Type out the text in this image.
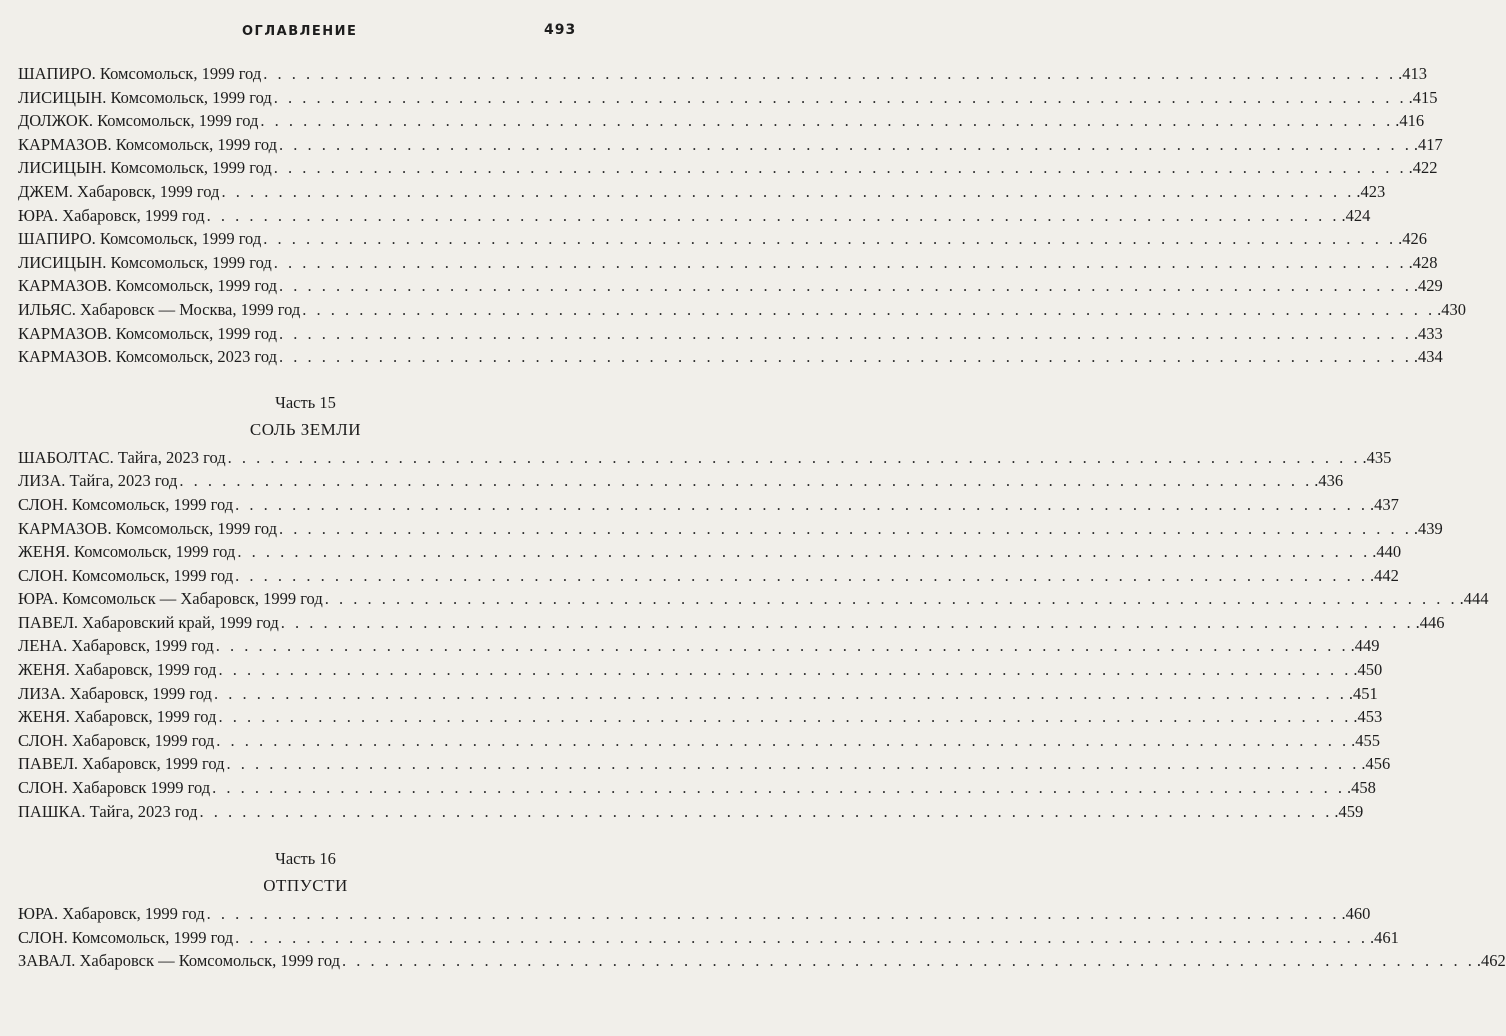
ОГЛАВЛЕНИЕ	493
ШАПИРО. Комсомольск, 1999 год . . . . . . . . . . . . . . . . . . . . . . . . . . . . . . . . . . . . . . . . . . . . . . . . . . . . . . . . . . . . . . . . . . . . . . . . . . . . . . . . .413
ЛИСИЦЫН. Комсомольск, 1999 год . . . . . . . . . . . . . . . . . . . . . . . . . . . . . . . . . . . . . . . . . . . . . . . . . . . . . . . . . . . . . . . . . . . . . . . . . . . . . . . . .415
ДОЛЖОК. Комсомольск, 1999 год . . . . . . . . . . . . . . . . . . . . . . . . . . . . . . . . . . . . . . . . . . . . . . . . . . . . . . . . . . . . . . . . . . . . . . . . . . . . . . . . .416
КАРМАЗОВ. Комсомольск, 1999 год . . . . . . . . . . . . . . . . . . . . . . . . . . . . . . . . . . . . . . . . . . . . . . . . . . . . . . . . . . . . . . . . . . . . . . . . . . . . . . . . .417
ЛИСИЦЫН. Комсомольск, 1999 год . . . . . . . . . . . . . . . . . . . . . . . . . . . . . . . . . . . . . . . . . . . . . . . . . . . . . . . . . . . . . . . . . . . . . . . . . . . . . . . . .422
ДЖЕМ. Хабаровск, 1999 год . . . . . . . . . . . . . . . . . . . . . . . . . . . . . . . . . . . . . . . . . . . . . . . . . . . . . . . . . . . . . . . . . . . . . . . . . . . . . . . . .423
ЮРА. Хабаровск, 1999 год . . . . . . . . . . . . . . . . . . . . . . . . . . . . . . . . . . . . . . . . . . . . . . . . . . . . . . . . . . . . . . . . . . . . . . . . . . . . . . . . .424
ШАПИРО. Комсомольск, 1999 год . . . . . . . . . . . . . . . . . . . . . . . . . . . . . . . . . . . . . . . . . . . . . . . . . . . . . . . . . . . . . . . . . . . . . . . . . . . . . . . . .426
ЛИСИЦЫН. Комсомольск, 1999 год . . . . . . . . . . . . . . . . . . . . . . . . . . . . . . . . . . . . . . . . . . . . . . . . . . . . . . . . . . . . . . . . . . . . . . . . . . . . . . . . .428
КАРМАЗОВ. Комсомольск, 1999 год . . . . . . . . . . . . . . . . . . . . . . . . . . . . . . . . . . . . . . . . . . . . . . . . . . . . . . . . . . . . . . . . . . . . . . . . . . . . . . . . .429
ИЛЬЯС. Хабаровск — Москва, 1999 год . . . . . . . . . . . . . . . . . . . . . . . . . . . . . . . . . . . . . . . . . . . . . . . . . . . . . . . . . . . . . . . . . . . . . . . . . . . . . . . . .430
КАРМАЗОВ. Комсомольск, 1999 год . . . . . . . . . . . . . . . . . . . . . . . . . . . . . . . . . . . . . . . . . . . . . . . . . . . . . . . . . . . . . . . . . . . . . . . . . . . . . . . . .433
КАРМАЗОВ. Комсомольск, 2023 год . . . . . . . . . . . . . . . . . . . . . . . . . . . . . . . . . . . . . . . . . . . . . . . . . . . . . . . . . . . . . . . . . . . . . . . . . . . . . . . . .434
Часть 15
СОЛЬ ЗЕМЛИ
ШАБОЛТАС. Тайга, 2023 год . . . . . . . . . . . . . . . . . . . . . . . . . . . . . . . . . . . . . . . . . . . . . . . . . . . . . . . . . . . . . . . . . . . . . . . . . . . . . . . . .435
ЛИЗА. Тайга, 2023 год . . . . . . . . . . . . . . . . . . . . . . . . . . . . . . . . . . . . . . . . . . . . . . . . . . . . . . . . . . . . . . . . . . . . . . . . . . . . . . . . .436
СЛОН. Комсомольск, 1999 год . . . . . . . . . . . . . . . . . . . . . . . . . . . . . . . . . . . . . . . . . . . . . . . . . . . . . . . . . . . . . . . . . . . . . . . . . . . . . . . . .437
КАРМАЗОВ. Комсомольск, 1999 год . . . . . . . . . . . . . . . . . . . . . . . . . . . . . . . . . . . . . . . . . . . . . . . . . . . . . . . . . . . . . . . . . . . . . . . . . . . . . . . . .439
ЖЕНЯ. Комсомольск, 1999 год . . . . . . . . . . . . . . . . . . . . . . . . . . . . . . . . . . . . . . . . . . . . . . . . . . . . . . . . . . . . . . . . . . . . . . . . . . . . . . . . .440
СЛОН. Комсомольск, 1999 год . . . . . . . . . . . . . . . . . . . . . . . . . . . . . . . . . . . . . . . . . . . . . . . . . . . . . . . . . . . . . . . . . . . . . . . . . . . . . . . . .442
ЮРА. Комсомольск — Хабаровск, 1999 год . . . . . . . . . . . . . . . . . . . . . . . . . . . . . . . . . . . . . . . . . . . . . . . . . . . . . . . . . . . . . . . . . . . . . . . . . . . . . . . . .444
ПАВЕЛ. Хабаровский край, 1999 год . . . . . . . . . . . . . . . . . . . . . . . . . . . . . . . . . . . . . . . . . . . . . . . . . . . . . . . . . . . . . . . . . . . . . . . . . . . . . . . . .446
ЛЕНА. Хабаровск, 1999 год . . . . . . . . . . . . . . . . . . . . . . . . . . . . . . . . . . . . . . . . . . . . . . . . . . . . . . . . . . . . . . . . . . . . . . . . . . . . . . . . .449
ЖЕНЯ. Хабаровск, 1999 год . . . . . . . . . . . . . . . . . . . . . . . . . . . . . . . . . . . . . . . . . . . . . . . . . . . . . . . . . . . . . . . . . . . . . . . . . . . . . . . . .450
ЛИЗА. Хабаровск, 1999 год . . . . . . . . . . . . . . . . . . . . . . . . . . . . . . . . . . . . . . . . . . . . . . . . . . . . . . . . . . . . . . . . . . . . . . . . . . . . . . . . .451
ЖЕНЯ. Хабаровск, 1999 год . . . . . . . . . . . . . . . . . . . . . . . . . . . . . . . . . . . . . . . . . . . . . . . . . . . . . . . . . . . . . . . . . . . . . . . . . . . . . . . . .453
СЛОН. Хабаровск, 1999 год . . . . . . . . . . . . . . . . . . . . . . . . . . . . . . . . . . . . . . . . . . . . . . . . . . . . . . . . . . . . . . . . . . . . . . . . . . . . . . . . .455
ПАВЕЛ. Хабаровск, 1999 год . . . . . . . . . . . . . . . . . . . . . . . . . . . . . . . . . . . . . . . . . . . . . . . . . . . . . . . . . . . . . . . . . . . . . . . . . . . . . . . . .456
СЛОН. Хабаровск 1999 год . . . . . . . . . . . . . . . . . . . . . . . . . . . . . . . . . . . . . . . . . . . . . . . . . . . . . . . . . . . . . . . . . . . . . . . . . . . . . . . . .458
ПАШКА. Тайга, 2023 год . . . . . . . . . . . . . . . . . . . . . . . . . . . . . . . . . . . . . . . . . . . . . . . . . . . . . . . . . . . . . . . . . . . . . . . . . . . . . . . . .459
Часть 16
ОТПУСТИ
ЮРА. Хабаровск, 1999 год . . . . . . . . . . . . . . . . . . . . . . . . . . . . . . . . . . . . . . . . . . . . . . . . . . . . . . . . . . . . . . . . . . . . . . . . . . . . . . . . .460
СЛОН. Комсомольск, 1999 год . . . . . . . . . . . . . . . . . . . . . . . . . . . . . . . . . . . . . . . . . . . . . . . . . . . . . . . . . . . . . . . . . . . . . . . . . . . . . . . . .461
ЗАВАЛ. Хабаровск — Комсомольск, 1999 год . . . . . . . . . . . . . . . . . . . . . . . . . . . . . . . . . . . . . . . . . . . . . . . . . . . . . . . . . . . . . . . . . . . . . . . . . . . . . . . . .462
